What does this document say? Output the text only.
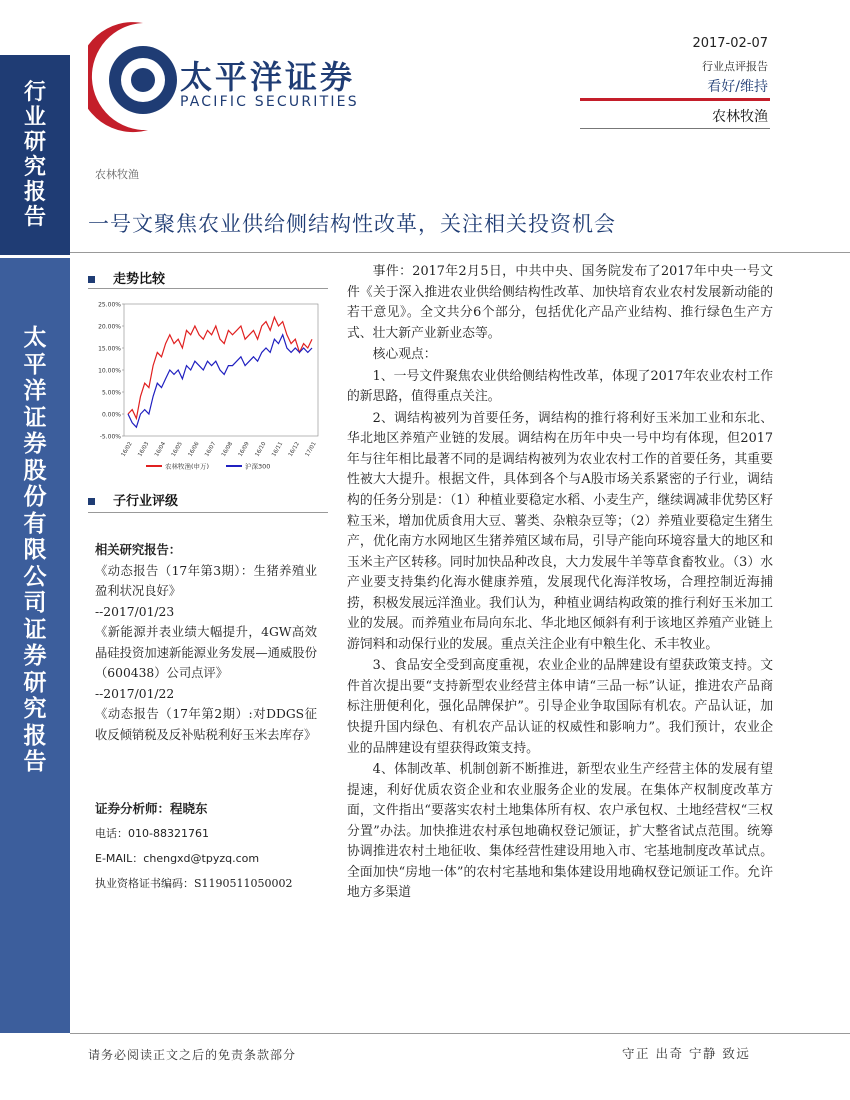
行
业
研
究
报
告
太
平
洋
证
券
股
份
有
限
公
司
证
券
研
究
报
告
太平洋证券
PACIFIC SECURITIES
2017-02-07
行业点评报告
看好/维持
农林牧渔
农林牧渔
一号文聚焦农业供给侧结构性改革，关注相关投资机会
走势比较
25.00%
20.00%
15.00%
10.00%
5.00%
0.00%
-5.00%
16/02 16/03 16/04 16/05 16/06 16/07 16/08 16/09 16/10 16/11 16/12 17/01
农林牧渔(申万)	沪深300
子行业评级
相关研究报告：
《动态报告（17年第3期）：生猪养殖业盈利状况良好》
--2017/01/23
《新能源并表业绩大幅提升，4GW高效晶硅投资加速新能源业务发展—通威股份（600438）公司点评》
--2017/01/22
《动态报告（17年第2期）:对DDGS征收反倾销税及反补贴税利好玉米去库存》
证券分析师：程晓东
电话：010-88321761
E-MAIL：chengxd@tpyzq.com
执业资格证书编码：S1190511050002

事件：2017年2月5日，中共中央、国务院发布了2017年中央一号文件《关于深入推进农业供给侧结构性改革、加快培育农业农村发展新动能的若干意见》。全文共分6个部分，包括优化产品产业结构、推行绿色生产方式、壮大新产业新业态等。

核心观点：

1、一号文件聚焦农业供给侧结构性改革，体现了2017年农业农村工作的新思路，值得重点关注。

2、调结构被列为首要任务，调结构的推行将利好玉米加工业和东北、华北地区养殖产业链的发展。调结构在历年中央一号中均有体现，但2017年与往年相比最著不同的是调结构被列为农业农村工作的首要任务，其重要性被大大提升。根据文件，具体到各个与A股市场关系紧密的子行业，调结构的任务分别是：（1）种植业要稳定水稻、小麦生产，继续调减非优势区籽粒玉米，增加优质食用大豆、薯类、杂粮杂豆等；（2）养殖业要稳定生猪生产，优化南方水网地区生猪养殖区域布局，引导产能向环境容量大的地区和玉米主产区转移。同时加快品种改良，大力发展牛羊等草食畜牧业。（3）水产业要支持集约化海水健康养殖，发展现代化海洋牧场，合理控制近海捕捞，积极发展远洋渔业。我们认为，种植业调结构政策的推行利好玉米加工业的发展。而养殖业布局向东北、华北地区倾斜有利于该地区养殖产业链上游饲料和动保行业的发展。重点关注企业有中粮生化、禾丰牧业。

3、食品安全受到高度重视，农业企业的品牌建设有望获政策支持。文件首次提出要“支持新型农业经营主体申请“三品一标”认证，推进农产品商标注册便利化，强化品牌保护”。引导企业争取国际有机农。产品认证，加快提升国内绿色、有机农产品认证的权威性和影响力”。我们预计，农业企业的品牌建设有望获得政策支持。

4、体制改革、机制创新不断推进，新型农业生产经营主体的发展有望提速，利好优质农资企业和农业服务企业的发展。在集体产权制度改革方面，文件指出“要落实农村土地集体所有权、农户承包权、土地经营权“三权分置”办法。加快推进农村承包地确权登记颁证，扩大整省试点范围。统筹协调推进农村土地征收、集体经营性建设用地入市、宅基地制度改革试点。全面加快“房地一体”的农村宅基地和集体建设用地确权登记颁证工作。允许地方多渠道

请务必阅读正文之后的免责条款部分	守正 出奇 宁静 致远
